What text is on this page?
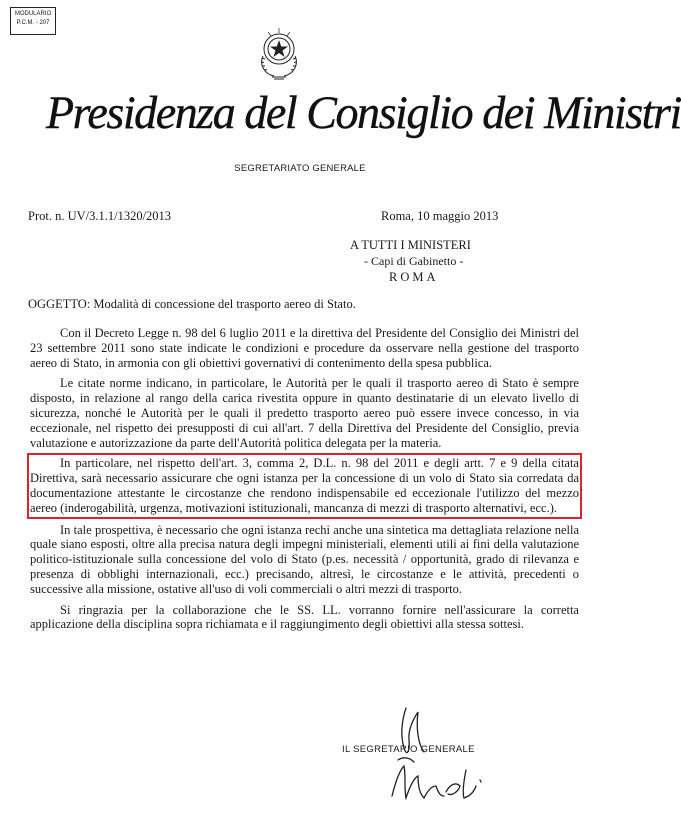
MODULARIO
P.C.M. - 207
Presidenza del Consiglio dei Ministri
SEGRETARIATO GENERALE
Prot. n. UV/3.1.1/1320/2013	Roma, 10 maggio 2013
A TUTTI I MINISTERI
- Capi di Gabinetto -
ROMA
OGGETTO: Modalità di concessione del trasporto aereo di Stato.

Con il Decreto Legge n. 98 del 6 luglio 2011 e la direttiva del Presidente del Consiglio dei Ministri del 23 settembre 2011 sono state indicate le condizioni e procedure da osservare nella gestione del trasporto aereo di Stato, in armonia con gli obiettivi governativi di contenimento della spesa pubblica.

Le citate norme indicano, in particolare, le Autorità per le quali il trasporto aereo di Stato è sempre disposto, in relazione al rango della carica rivestita oppure in quanto destinatarie di un elevato livello di sicurezza, nonché le Autorità per le quali il predetto trasporto aereo può essere invece concesso, in via eccezionale, nel rispetto dei presupposti di cui all'art. 7 della Direttiva del Presidente del Consiglio, previa valutazione e autorizzazione da parte dell'Autorità politica delegata per la materia.

In particolare, nel rispetto dell'art. 3, comma 2, D.L. n. 98 del 2011 e degli artt. 7 e 9 della citata Direttiva, sarà necessario assicurare che ogni istanza per la concessione di un volo di Stato sia corredata da documentazione attestante le circostanze che rendono indispensabile ed eccezionale l'utilizzo del mezzo aereo (inderogabilità, urgenza, motivazioni istituzionali, mancanza di mezzi di trasporto alternativi, ecc.).

In tale prospettiva, è necessario che ogni istanza rechi anche una sintetica ma dettagliata relazione nella quale siano esposti, oltre alla precisa natura degli impegni ministeriali, elementi utili ai fini della valutazione politico-istituzionale sulla concessione del volo di Stato (p.es. necessità / opportunità, grado di rilevanza e presenza di obblighi internazionali, ecc.) precisando, altresì, le circostanze e le attività, precedenti o successive alla missione, ostative all'uso di voli commerciali o altri mezzi di trasporto.

Si ringrazia per la collaborazione che le SS. LL. vorranno fornire nell'assicurare la corretta applicazione della disciplina sopra richiamata e il raggiungimento degli obiettivi alla stessa sottesi.

IL SEGRETARIO GENERALE
